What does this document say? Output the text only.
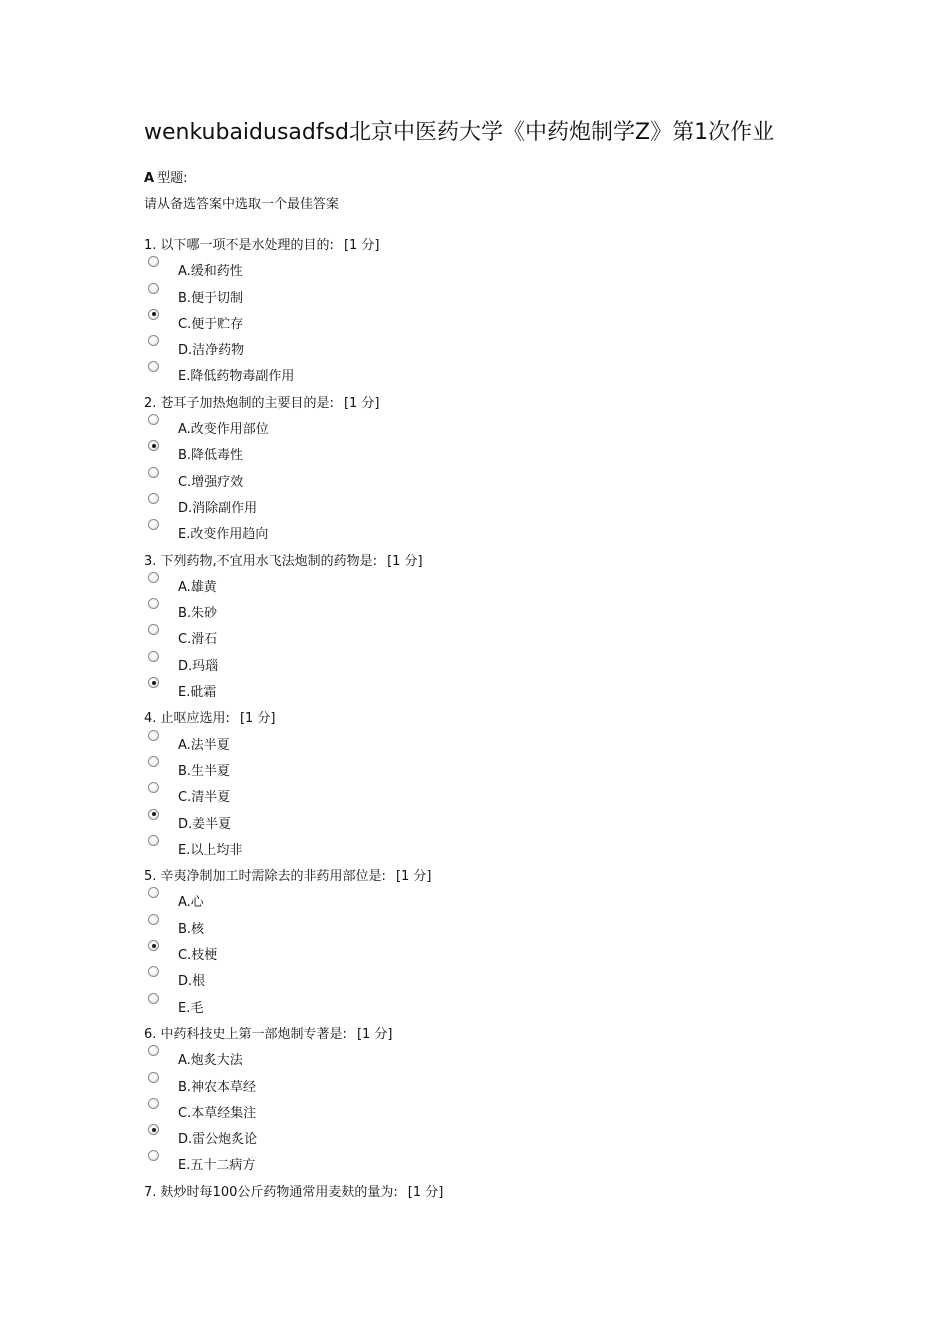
wenkubaidusadfsd北京中医药大学《中药炮制学Z》第1次作业
A 型题:
请从备选答案中选取一个最佳答案
1. 以下哪一项不是水处理的目的: [1 分]
A.缓和药性
B.便于切制
C.便于贮存
D.洁净药物
E.降低药物毒副作用
2. 苍耳子加热炮制的主要目的是: [1 分]
A.改变作用部位
B.降低毒性
C.增强疗效
D.消除副作用
E.改变作用趋向
3. 下列药物,不宜用水飞法炮制的药物是: [1 分]
A.雄黄
B.朱砂
C.滑石
D.玛瑙
E.砒霜
4. 止呕应选用: [1 分]
A.法半夏
B.生半夏
C.清半夏
D.姜半夏
E.以上均非
5. 辛夷净制加工时需除去的非药用部位是: [1 分]
A.心
B.核
C.枝梗
D.根
E.毛
6. 中药科技史上第一部炮制专著是: [1 分]
A.炮炙大法
B.神农本草经
C.本草经集注
D.雷公炮炙论
E.五十二病方
7. 麸炒时每100公斤药物通常用麦麸的量为: [1 分]
